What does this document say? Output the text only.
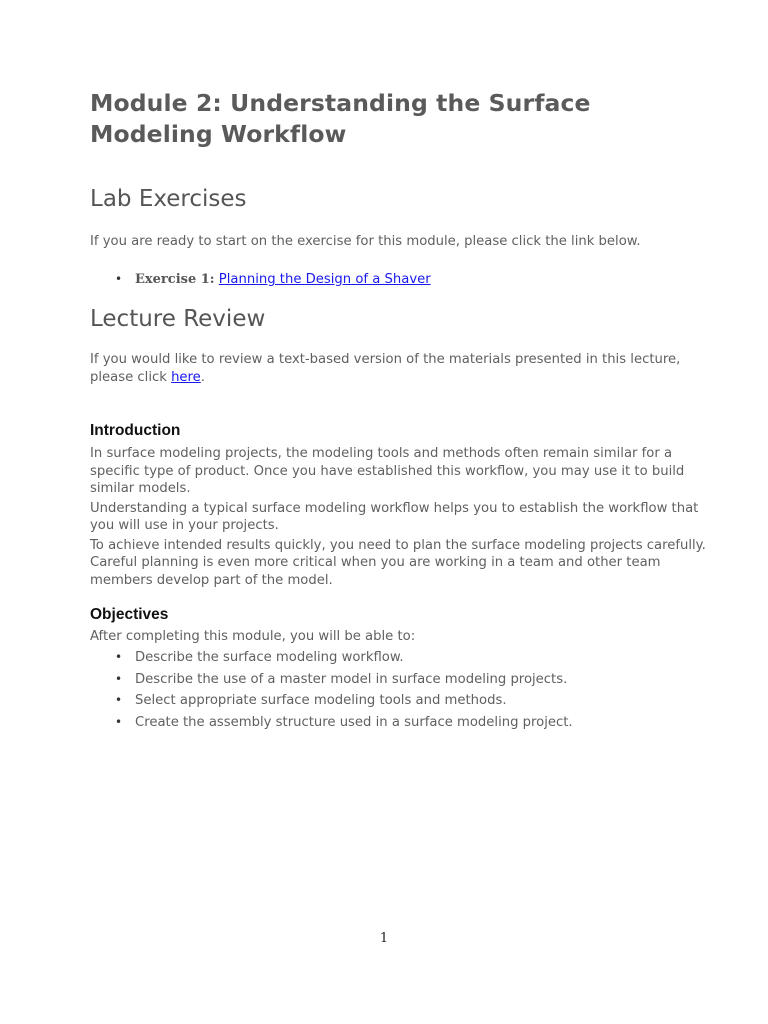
Module 2: Understanding the Surface Modeling Workflow
Lab Exercises

If you are ready to start on the exercise for this module, please click the link below.

• Exercise 1: Planning the Design of a Shaver
Lecture Review

If you would like to review a text-based version of the materials presented in this lecture, please click here.

Introduction

In surface modeling projects, the modeling tools and methods often remain similar for a specific type of product. Once you have established this workflow, you may use it to build similar models.

Understanding a typical surface modeling workflow helps you to establish the workflow that you will use in your projects.

To achieve intended results quickly, you need to plan the surface modeling projects carefully. Careful planning is even more critical when you are working in a team and other team members develop part of the model.

Objectives

After completing this module, you will be able to:

• Describe the surface modeling workflow.
• Describe the use of a master model in surface modeling projects.
• Select appropriate surface modeling tools and methods.
• Create the assembly structure used in a surface modeling project.
1
